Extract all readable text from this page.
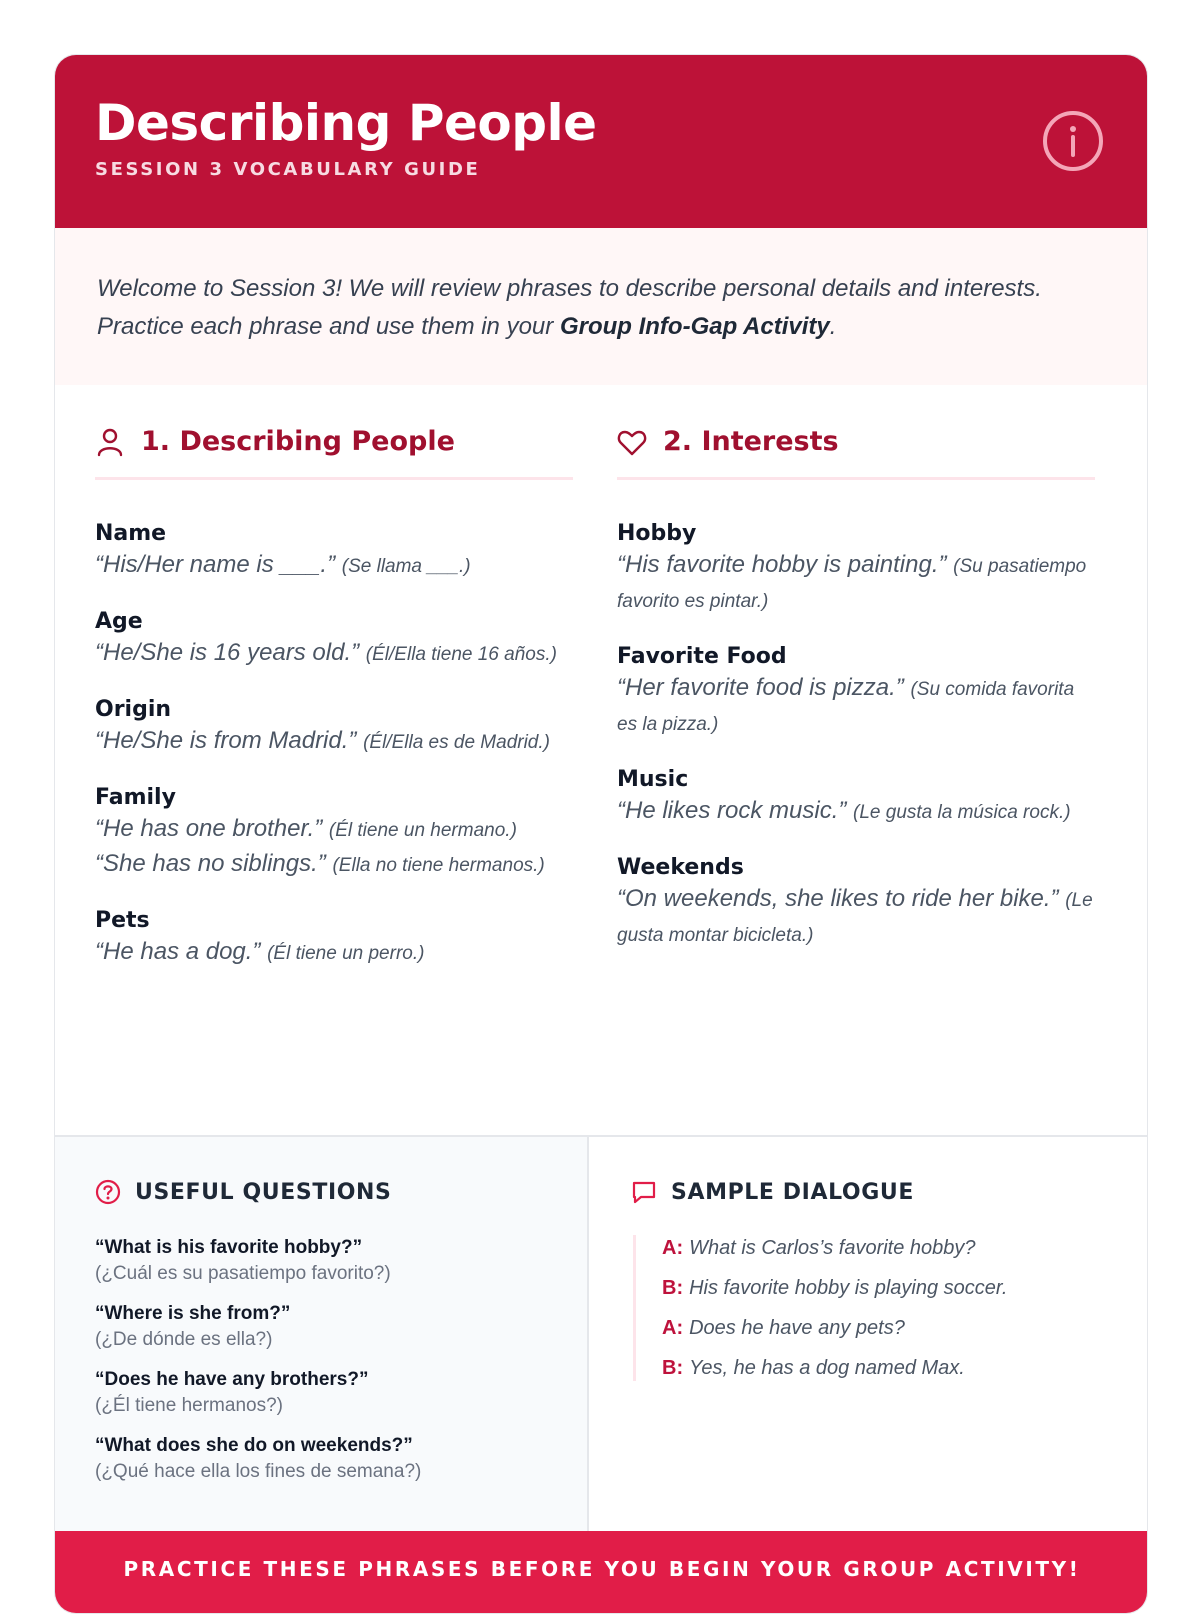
Describing People
SESSION 3 VOCABULARY GUIDE
Welcome to Session 3! We will review phrases to describe personal details and interests. Practice each phrase and use them in your Group Info-Gap Activity.
1. Describing People
Name
“His/Her name is ___.” (Se llama ___.)
Age
“He/She is 16 years old.” (Él/Ella tiene 16 años.)
Origin
“He/She is from Madrid.” (Él/Ella es de Madrid.)
Family
“He has one brother.” (Él tiene un hermano.)
“She has no siblings.” (Ella no tiene hermanos.)
Pets
“He has a dog.” (Él tiene un perro.)
2. Interests
Hobby
“His favorite hobby is painting.” (Su pasatiempo favorito es pintar.)
Favorite Food
“Her favorite food is pizza.” (Su comida favorita es la pizza.)
Music
“He likes rock music.” (Le gusta la música rock.)
Weekends
“On weekends, she likes to ride her bike.” (Le gusta montar bicicleta.)
USEFUL QUESTIONS
“What is his favorite hobby?”
(¿Cuál es su pasatiempo favorito?)
“Where is she from?”
(¿De dónde es ella?)
“Does he have any brothers?”
(¿Él tiene hermanos?)
“What does she do on weekends?”
(¿Qué hace ella los fines de semana?)
SAMPLE DIALOGUE
A: What is Carlos’s favorite hobby?
B: His favorite hobby is playing soccer.
A: Does he have any pets?
B: Yes, he has a dog named Max.
PRACTICE THESE PHRASES BEFORE YOU BEGIN YOUR GROUP ACTIVITY!
